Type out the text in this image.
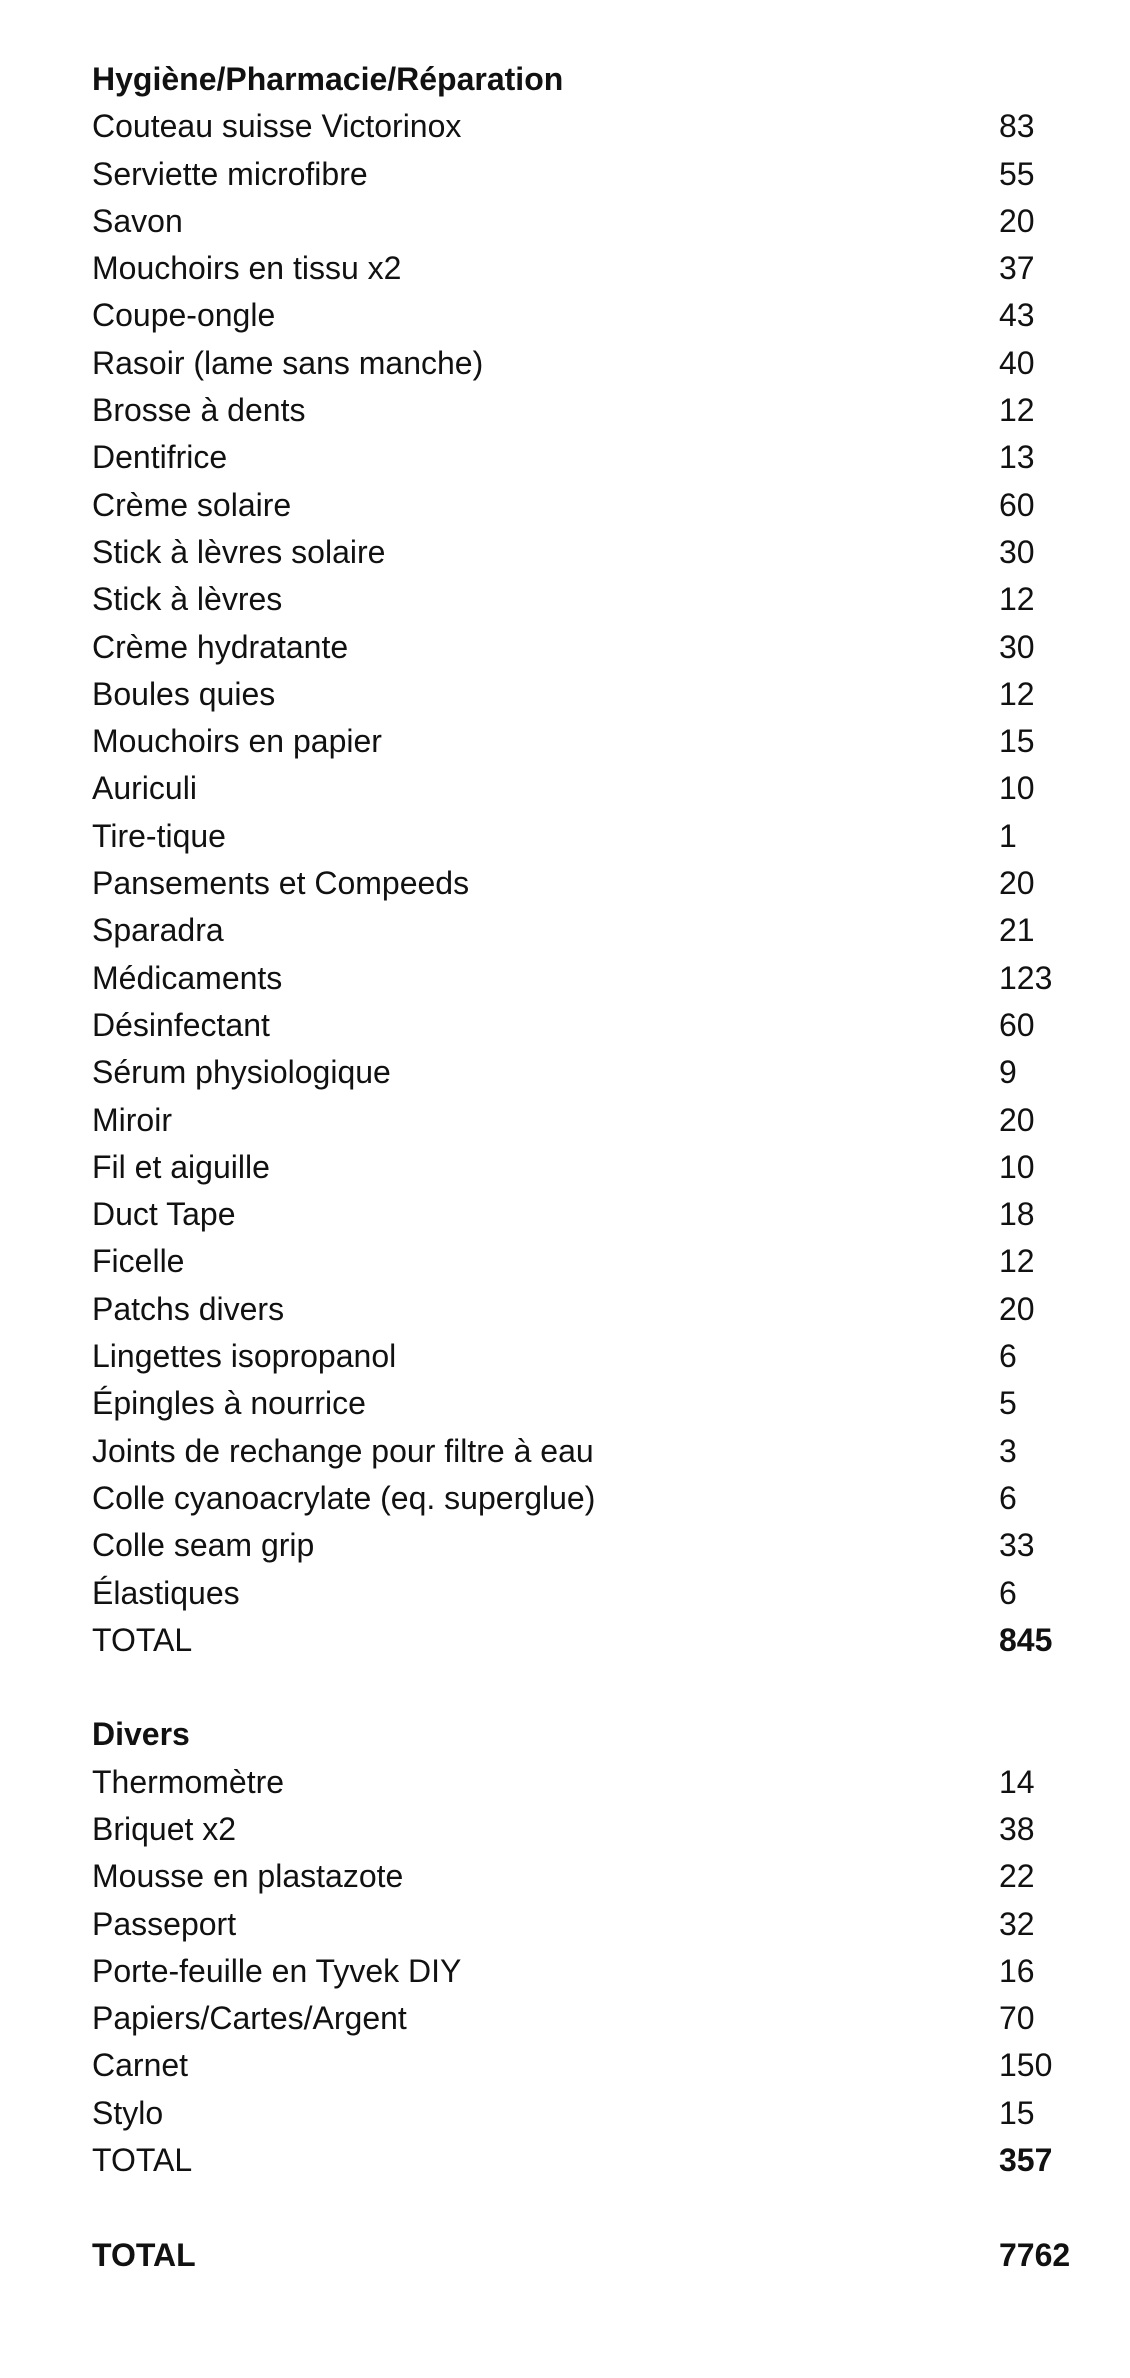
Hygiène/Pharmacie/Réparation
Couteau suisse Victorinox	83
Serviette microfibre	55
Savon	20
Mouchoirs en tissu x2	37
Coupe-ongle	43
Rasoir (lame sans manche)	40
Brosse à dents	12
Dentifrice	13
Crème solaire	60
Stick à lèvres solaire	30
Stick à lèvres	12
Crème hydratante	30
Boules quies	12
Mouchoirs en papier	15
Auriculi	10
Tire-tique	1
Pansements et Compeeds	20
Sparadra	21
Médicaments	123
Désinfectant	60
Sérum physiologique	9
Miroir	20
Fil et aiguille	10
Duct Tape	18
Ficelle	12
Patchs divers	20
Lingettes isopropanol	6
Épingles à nourrice	5
Joints de rechange pour filtre à eau	3
Colle cyanoacrylate (eq. superglue)	6
Colle seam grip	33
Élastiques	6
TOTAL	845
Divers
Thermomètre	14
Briquet x2	38
Mousse en plastazote	22
Passeport	32
Porte-feuille en Tyvek DIY	16
Papiers/Cartes/Argent	70
Carnet	150
Stylo	15
TOTAL	357
TOTAL	7762
